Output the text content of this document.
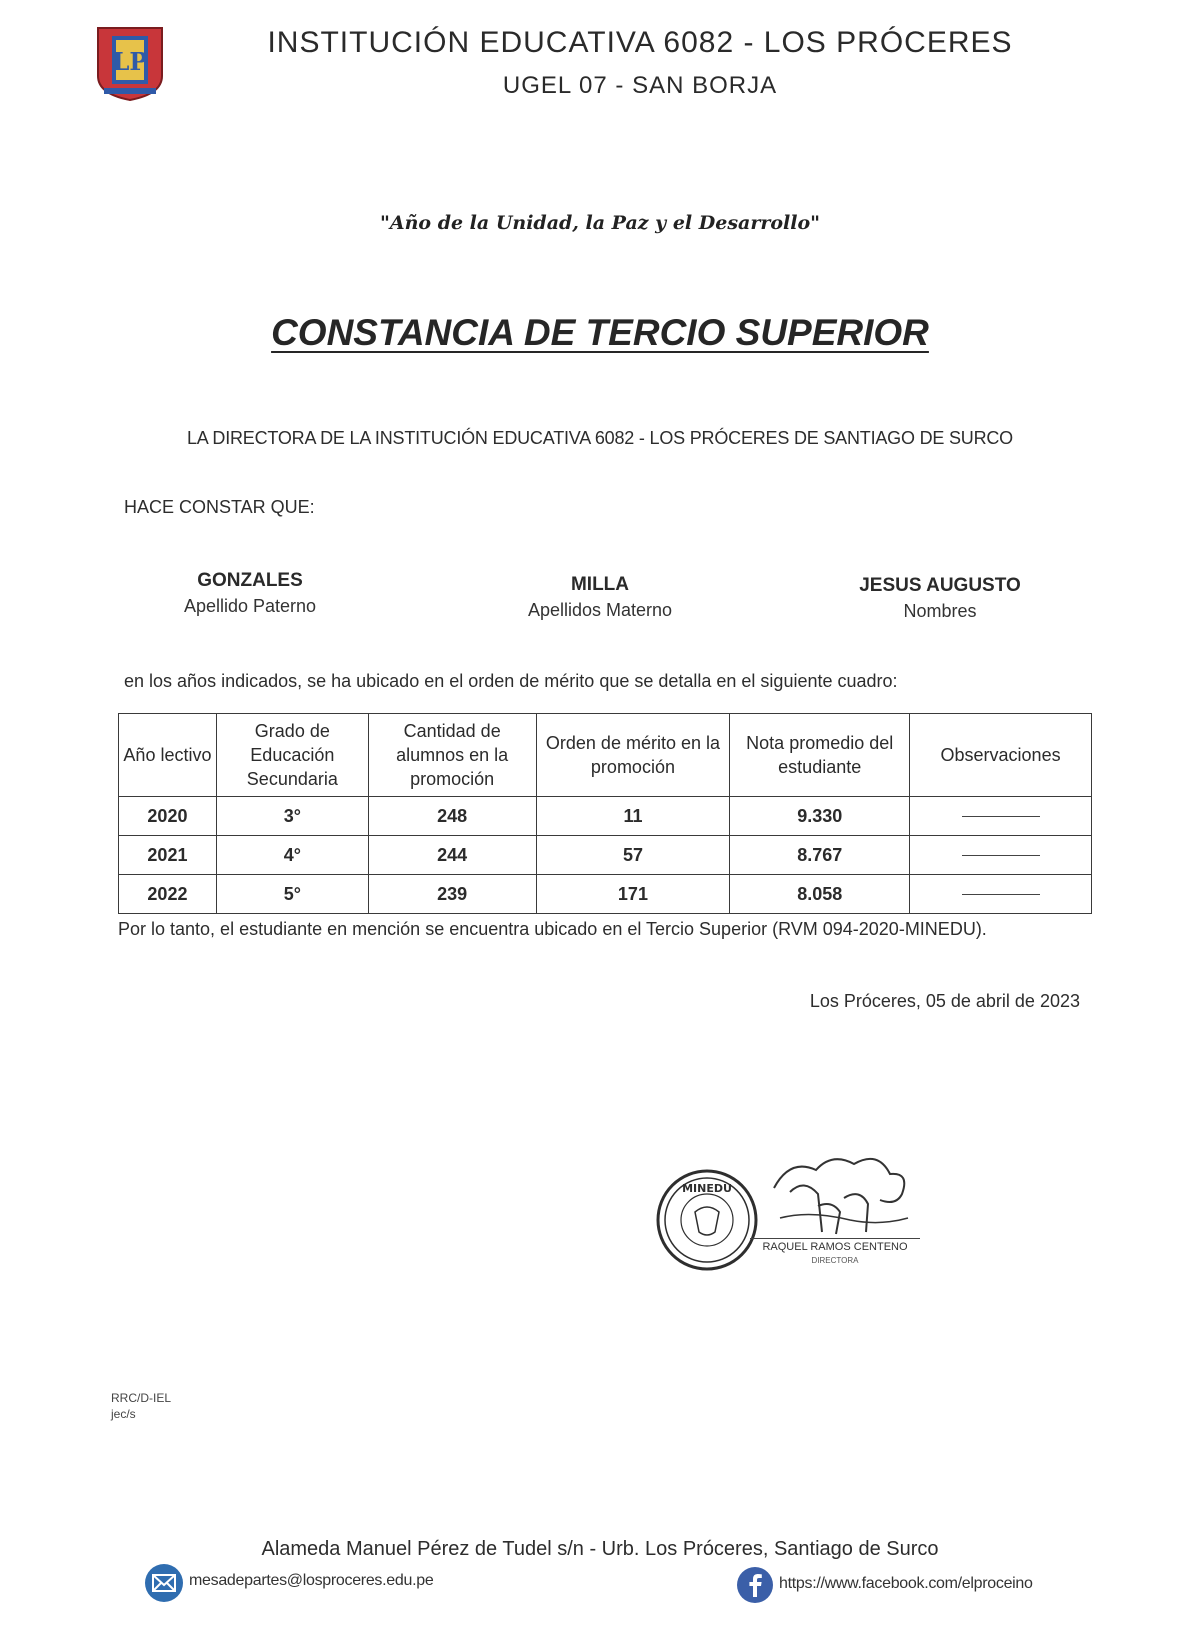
LP
INSTITUCIÓN EDUCATIVA 6082 - LOS PRÓCERES
UGEL 07 - SAN BORJA
"Año de la Unidad, la Paz y el Desarrollo"
CONSTANCIA DE TERCIO SUPERIOR
LA DIRECTORA DE LA INSTITUCIÓN EDUCATIVA 6082 - LOS PRÓCERES DE SANTIAGO DE SURCO
HACE CONSTAR QUE:
GONZALES
Apellido Paterno
MILLA
Apellidos Materno
JESUS AUGUSTO
Nombres
en los años indicados, se ha ubicado en el orden de mérito que se detalla en el siguiente cuadro:
Año lectivo	Grado de Educación Secundaria	Cantidad de alumnos en la promoción	Orden de mérito en la promoción	Nota promedio del estudiante	Observaciones
2020	3°	248	11	9.330	
2021	4°	244	57	8.767	
2022	5°	239	171	8.058	
Por lo tanto, el estudiante en mención se encuentra ubicado en el Tercio Superior (RVM 094-2020-MINEDU).
Los Próceres, 05 de abril de 2023
MINEDU
RAQUEL RAMOS CENTENO
DIRECTORA
RRC/D-IEL
jec/s
Alameda Manuel Pérez de Tudel s/n - Urb. Los Próceres, Santiago de Surco
mesadepartes@losproceres.edu.pe	https://www.facebook.com/elproceino
